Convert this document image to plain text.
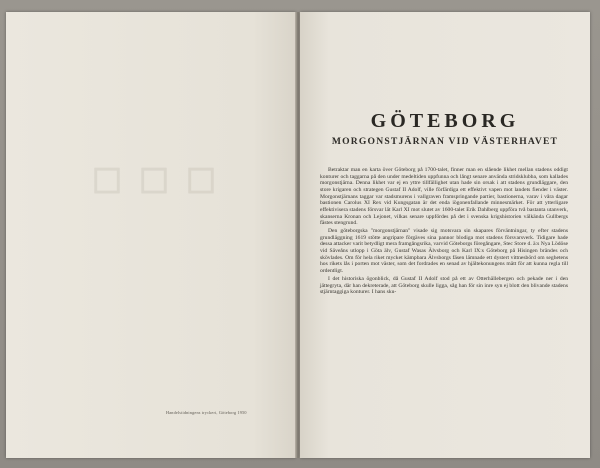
☐ ☐ ☐
Handelstidningens tryckeri, Göteborg 1950
GÖTEBORG
MORGONSTJÄRNAN VID VÄSTERHAVET

Betraktar man en karta över Göteborg på 1700-talet, finner man en slående likhet mellan stadens oddigt konturer och taggarna på den under medeltiden uppfunna och långt senare använda stridsklubba, som kallades morgonstjärna. Denna likhet var ej en yttre tillfällighet utan hade sin orsak i att stadens grundläggare, den store krigaren och strategen Gustaf II Adolf, ville förfärdiga ett effektivt vapen mot landets fiender i väster. Morgonstjärnans taggar var stadsmurens i vallgraven framspringande partier, bastionerna, varav i våra dagar bastionen Carolus XI Rex vid Kungsgatan är det enda iögonenfallande minnesmärket. För att ytterligare effektivisera stadens försvar lät Karl XI mot slutet av 1600-talet Erik Dahlberg uppföra två bastanta utanverk, skanserna Kronan och Lejonet, vilkas senare uppfördes på det i svenska krigshistorien välkända Gullbergs fästes stengrund.

Den göteborgska "morgonstjärnan" visade sig motsvara sin skapares förväntningar, ty efter stadens grundläggning 1619 stötte angripare förgäves sina pannor blodiga mot stadens försvarsverk. Tidigare hade dessa attacker varit betydligt mera framgångsrika, varvid Göteborgs föregångare, Stec Store d. ä:s Nya Lödöse vid Säveåns utlopp i Göta älv, Gustaf Wasas Älvsborg och Karl IX:s Göteborg på Hisingen brändes och skövlades. Om för hela riket mycket kämpbara Älvsborgs fäsen lämnade ett dystert vittnesbörd om seghetens hos rikets lås i porten mot väster, som det fordrades en senad av hjältekonungens mätt för att kunna regla till ordentligt.

I det historiska ögonblick, då Gustaf II Adolf stod på ett av Otterhällebergen och pekade ner i den jättegryta, där han dekreterade, att Göteborg skulle ligga, såg han för sin inre syn ej blott den blivande stadens stjärntaggiga konturer. I hans sku-
